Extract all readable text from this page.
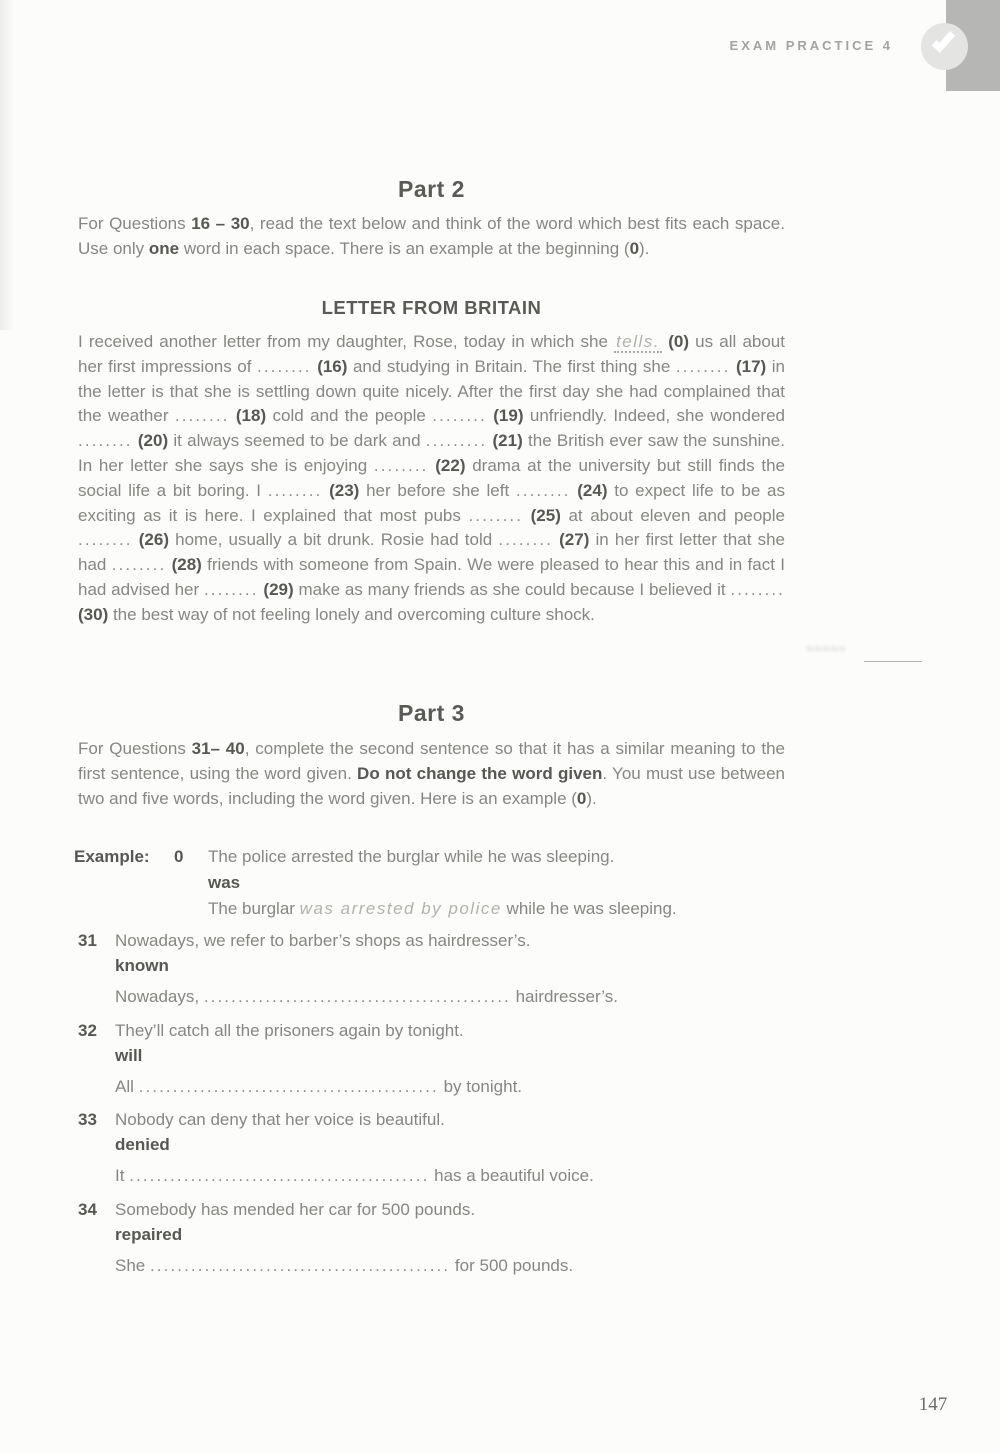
EXAM PRACTICE 4
Part 2
For Questions 16 – 30, read the text below and think of the word which best fits each space. Use only one word in each space. There is an example at the beginning (0).
LETTER FROM BRITAIN
I received another letter from my daughter, Rose, today in which she tells. (0) us all about her first impressions of ........ (16) and studying in Britain. The first thing she ........ (17) in the letter is that she is settling down quite nicely. After the first day she had complained that the weather ........ (18) cold and the people ........ (19) unfriendly. Indeed, she wondered ........ (20) it always seemed to be dark and ......... (21) the British ever saw the sunshine. In her letter she says she is enjoying ........ (22) drama at the university but still finds the social life a bit boring. I ........ (23) her before she left ........ (24) to expect life to be as exciting as it is here. I explained that most pubs ........ (25) at about eleven and people ........ (26) home, usually a bit drunk. Rosie had told ........ (27) in her first letter that she had ........ (28) friends with someone from Spain. We were pleased to hear this and in fact I had advised her ........ (29) make as many friends as she could because I believed it ........ (30) the best way of not feeling lonely and overcoming culture shock.
≈≈≈≈≈
Part 3
For Questions 31– 40, complete the second sentence so that it has a similar meaning to the first sentence, using the word given. Do not change the word given. You must use between two and five words, including the word given. Here is an example (0).
Example:	0	The police arrested the burglar while he was sleeping.
was
The burglar was arrested by police while he was sleeping.
31	Nowadays, we refer to barber’s shops as hairdresser’s.
known
Nowadays, ............................................. hairdresser’s.
32	They’ll catch all the prisoners again by tonight.
will
All ............................................ by tonight.
33	Nobody can deny that her voice is beautiful.
denied
It ............................................ has a beautiful voice.
34	Somebody has mended her car for 500 pounds.
repaired
She ............................................ for 500 pounds.
147
